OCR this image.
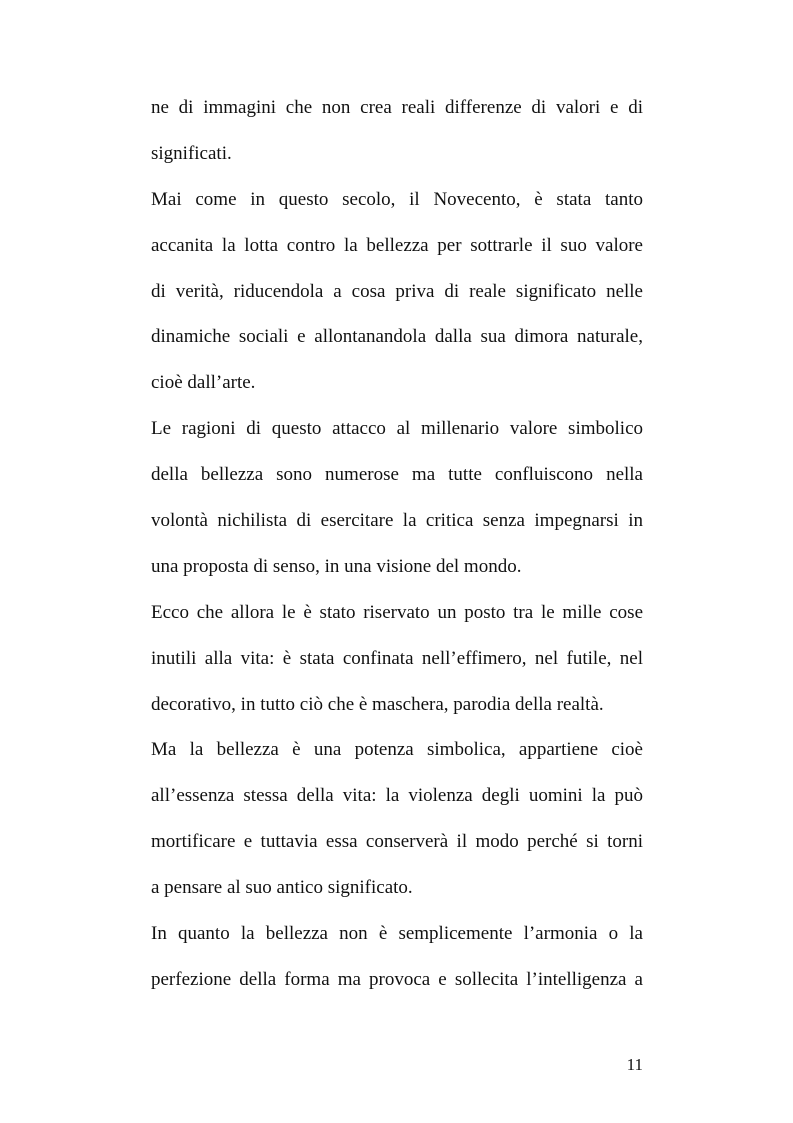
ne di immagini che non crea reali differenze di valori e di
significati.
Mai come in questo secolo, il Novecento, è stata tanto
accanita la lotta contro la bellezza per sottrarle il suo valore
di verità, riducendola a cosa priva di reale significato nelle
dinamiche sociali e allontanandola dalla sua dimora naturale,
cioè dall’arte.
Le ragioni di questo attacco al millenario valore simbolico
della bellezza sono numerose ma tutte confluiscono nella
volontà nichilista di esercitare la critica senza impegnarsi in
una proposta di senso, in una visione del mondo.
Ecco che allora le è stato riservato un posto tra le mille cose
inutili alla vita: è stata confinata nell’effimero, nel futile, nel
decorativo, in tutto ciò che è maschera, parodia della realtà.
Ma la bellezza è una potenza simbolica, appartiene cioè
all’essenza stessa della vita: la violenza degli uomini la può
mortificare e tuttavia essa conserverà il modo perché si torni
a pensare al suo antico significato.
In quanto la bellezza non è semplicemente l’armonia o la
perfezione della forma ma provoca e sollecita l’intelligenza a
11
